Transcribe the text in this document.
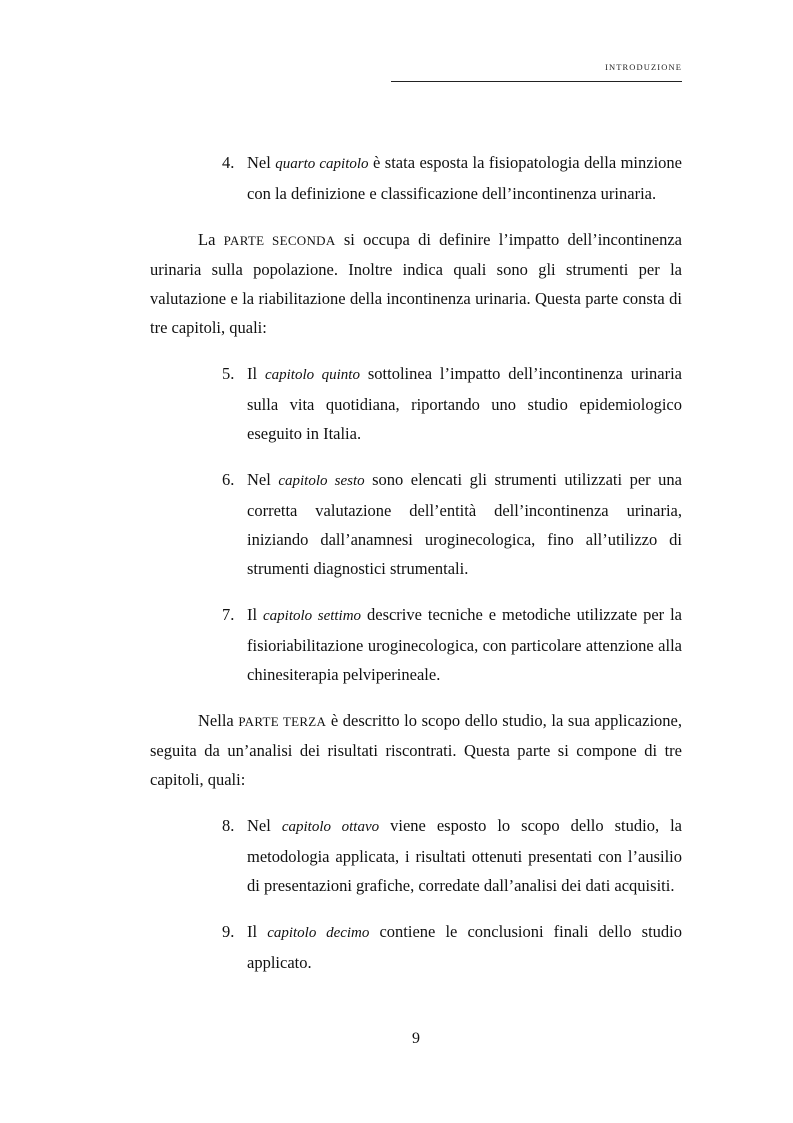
INTRODUZIONE
4. Nel quarto capitolo è stata esposta la fisiopatologia della minzione con la definizione e classificazione dell’incontinenza urinaria.
La PARTE SECONDA si occupa di definire l’impatto dell’incontinenza urinaria sulla popolazione. Inoltre indica quali sono gli strumenti per la valutazione e la riabilitazione della incontinenza urinaria. Questa parte consta di tre capitoli, quali:
5. Il capitolo quinto sottolinea l’impatto dell’incontinenza urinaria sulla vita quotidiana, riportando uno studio epidemiologico eseguito in Italia.
6. Nel capitolo sesto sono elencati gli strumenti utilizzati per una corretta valutazione dell’entità dell’incontinenza urinaria, iniziando dall’anamnesi uroginecologica, fino all’utilizzo di strumenti diagnostici strumentali.
7. Il capitolo settimo descrive tecniche e metodiche utilizzate per la fisioriabilitazione uroginecologica, con particolare attenzione alla chinesiterapia pelviperineale.
Nella PARTE TERZA è descritto lo scopo dello studio, la sua applicazione, seguita da un’analisi dei risultati riscontrati. Questa parte si compone di tre capitoli, quali:
8. Nel capitolo ottavo viene esposto lo scopo dello studio, la metodologia applicata, i risultati ottenuti presentati con l’ausilio di presentazioni grafiche, corredate dall’analisi dei dati acquisiti.
9. Il capitolo decimo contiene le conclusioni finali dello studio applicato.
9
